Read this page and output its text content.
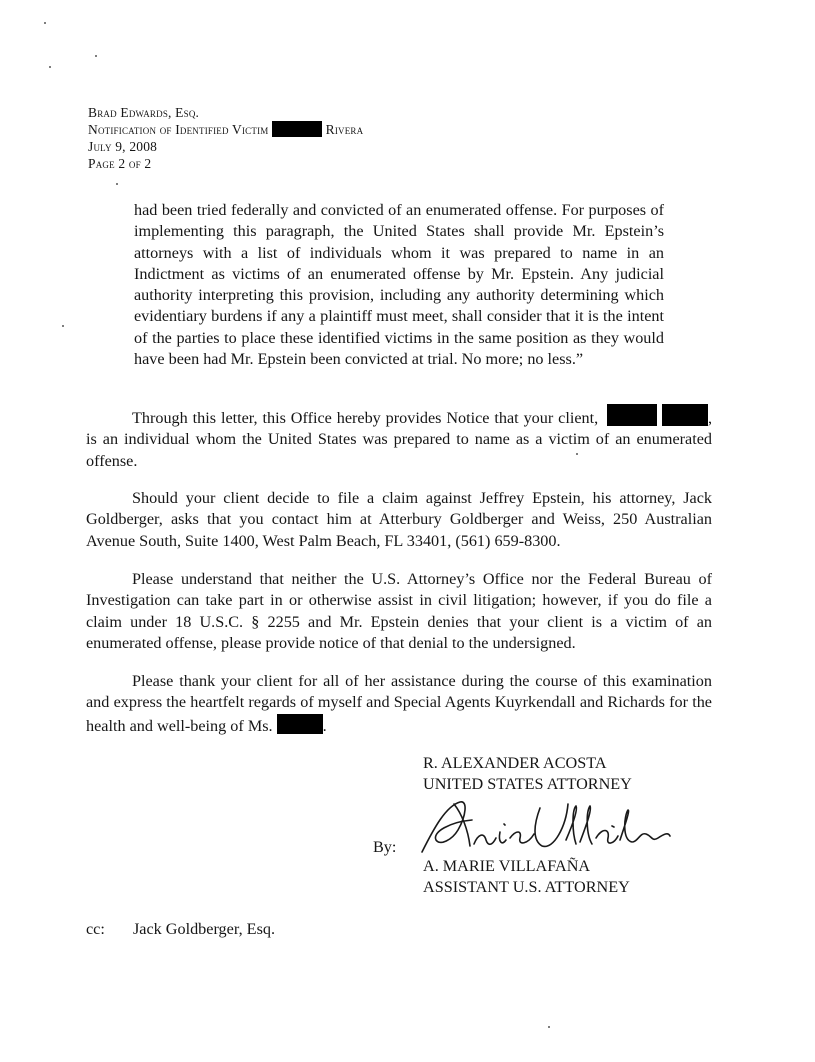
Brad Edwards, Esq.
Notification of Identified Victim	Rivera
July 9, 2008
Page 2 of 2
had been tried federally and convicted of an enumerated offense. For purposes of implementing this paragraph, the United States shall provide Mr. Epstein’s attorneys with a list of individuals whom it was prepared to name in an Indictment as victims of an enumerated offense by Mr. Epstein. Any judicial authority interpreting this provision, including any authority determining which evidentiary burdens if any a plaintiff must meet, shall consider that it is the intent of the parties to place these identified victims in the same position as they would have been had Mr. Epstein been convicted at trial. No more; no less.”
Through this letter, this Office hereby provides Notice that your client,	, is an individual whom the United States was prepared to name as a victim of an enumerated offense.
Should your client decide to file a claim against Jeffrey Epstein, his attorney, Jack Goldberger, asks that you contact him at Atterbury Goldberger and Weiss, 250 Australian Avenue South, Suite 1400, West Palm Beach, FL 33401, (561) 659-8300.
Please understand that neither the U.S. Attorney’s Office nor the Federal Bureau of Investigation can take part in or otherwise assist in civil litigation; however, if you do file a claim under 18 U.S.C. § 2255 and Mr. Epstein denies that your client is a victim of an enumerated offense, please provide notice of that denial to the undersigned.
Please thank your client for all of her assistance during the course of this examination and express the heartfelt regards of myself and Special Agents Kuyrkendall and Richards for the health and well-being of Ms.	.
R. ALEXANDER ACOSTA
UNITED STATES ATTORNEY
By:
A. MARIE VILLAFAÑA
ASSISTANT U.S. ATTORNEY
cc: Jack Goldberger, Esq.
